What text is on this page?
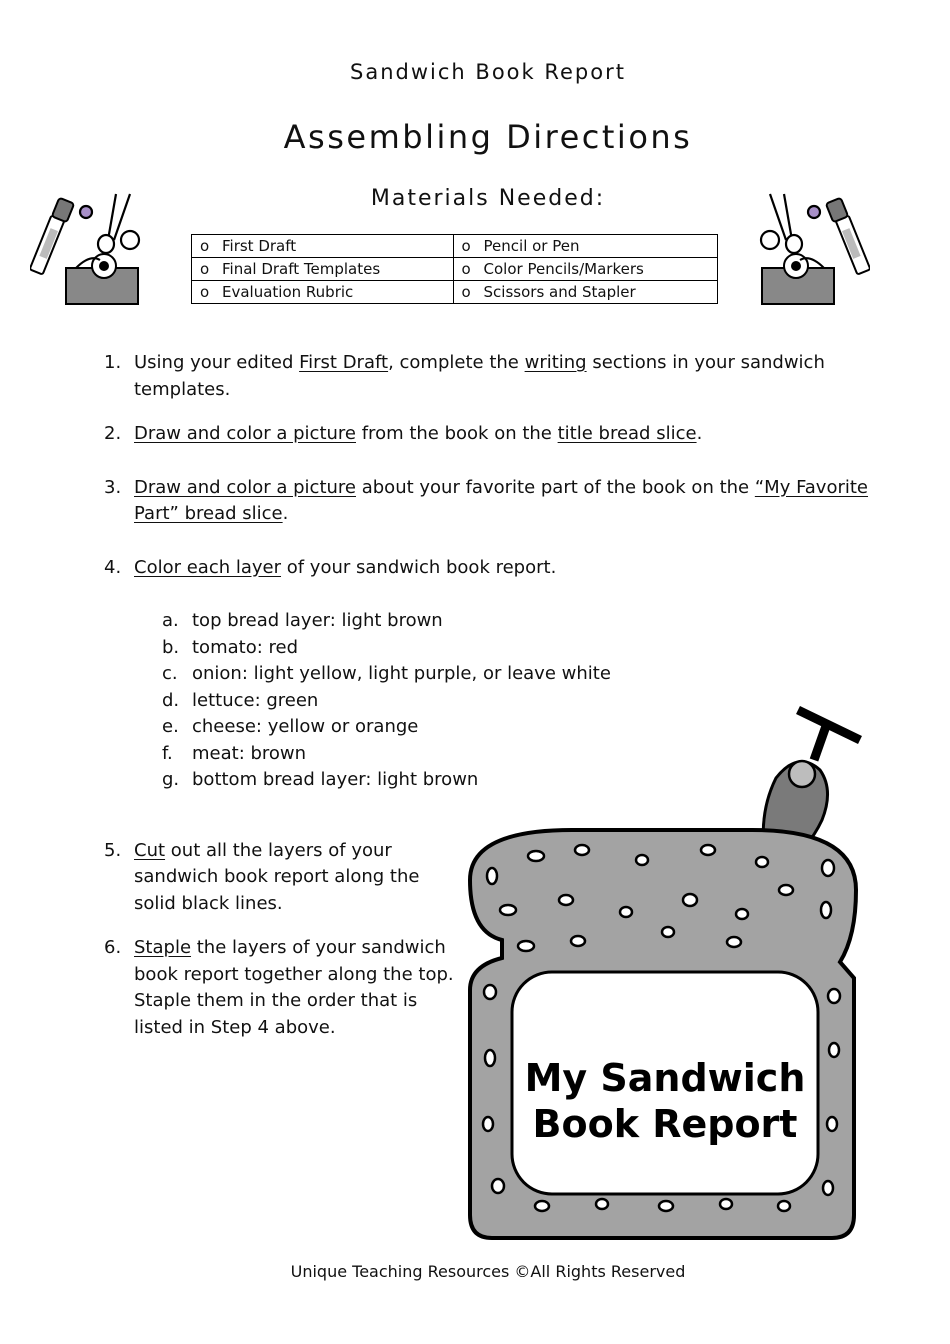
Sandwich Book Report
Assembling Directions
Materials Needed:
o First Draft	o Pencil or Pen
o Final Draft Templates	o Color Pencils/Markers
o Evaluation Rubric	o Scissors and Stapler
1. Using your edited First Draft, complete the writing sections in your sandwich templates.
2. Draw and color a picture from the book on the title bread slice.
3. Draw and color a picture about your favorite part of the book on the “My Favorite Part” bread slice.
4. Color each layer of your sandwich book report.
a. top bread layer: light brown
b. tomato: red
c. onion: light yellow, light purple, or leave white
d. lettuce: green
e. cheese: yellow or orange
f. meat: brown
g. bottom bread layer: light brown
5. Cut out all the layers of your sandwich book report along the solid black lines.
6. Staple the layers of your sandwich book report together along the top. Staple them in the order that is listed in Step 4 above.
My Sandwich
Book Report
Unique Teaching Resources ©All Rights Reserved
